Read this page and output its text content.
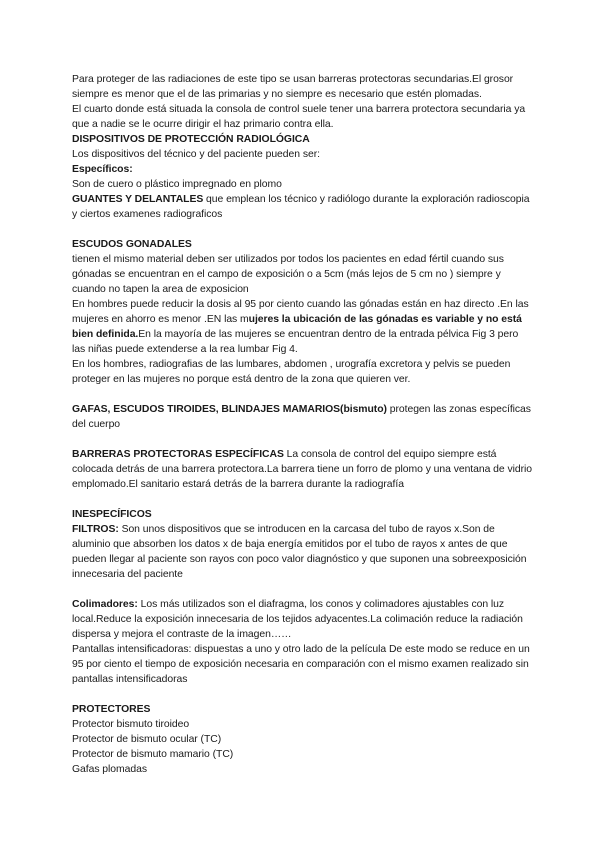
Para proteger de las radiaciones de este tipo se usan barreras protectoras secundarias.El grosor siempre es menor que el de las primarias y no siempre es necesario que estén plomadas.
El cuarto donde está situada la consola de control suele tener una barrera protectora secundaria ya que a nadie se le ocurre dirigir el haz primario contra ella.
DISPOSITIVOS DE PROTECCIÓN RADIOLÓGICA
Los dispositivos del técnico y del paciente pueden ser:
Específicos:
Son de cuero o plástico impregnado en plomo
GUANTES Y DELANTALES que emplean los técnico y radiólogo durante la exploración radioscopia y ciertos examenes radiograficos
ESCUDOS GONADALES
tienen el mismo material deben ser utilizados por todos los pacientes en edad fértil cuando sus gónadas se encuentran en el campo de exposición o a 5cm (más lejos de 5 cm no ) siempre y cuando no tapen la area de exposicion
En hombres puede reducir la dosis al 95 por ciento cuando las gónadas están en haz directo .En las mujeres en ahorro es menor .EN las mujeres la ubicación de las gónadas es variable y no está bien definida.En la mayoría de las mujeres se encuentran dentro de la entrada pélvica Fig 3 pero las niñas puede extenderse a la rea lumbar Fig 4.
En los hombres, radiografias de las lumbares, abdomen , urografía excretora y pelvis se pueden proteger en las mujeres no porque está dentro de la zona que quieren ver.
GAFAS, ESCUDOS TIROIDES, BLINDAJES MAMARIOS(bismuto) protegen las zonas específicas del cuerpo
BARRERAS PROTECTORAS ESPECÍFICAS La consola de control del equipo siempre está colocada detrás de una barrera protectora.La barrera tiene un forro de plomo y una ventana de vidrio emplomado.El sanitario estará detrás de la barrera durante la radiografía
INESPECÍFICOS
FILTROS: Son unos dispositivos que se introducen en la carcasa del tubo de rayos x.Son de aluminio que absorben los datos x de baja energía emitidos por el tubo de rayos x antes de que pueden llegar al paciente son rayos con poco valor diagnóstico y que suponen una sobreexposición innecesaria del paciente
Colimadores: Los más utilizados son el diafragma, los conos y colimadores ajustables con luz local.Reduce la exposición innecesaria de los tejidos adyacentes.La colimación reduce la radiación dispersa y mejora el contraste de la imagen……
Pantallas intensificadoras: dispuestas a uno y otro lado de la película De este modo se reduce en un 95 por ciento el tiempo de exposición necesaria en comparación con el mismo examen realizado sin pantallas intensificadoras
PROTECTORES
Protector bismuto tiroideo
Protector de bismuto ocular (TC)
Protector de bismuto mamario (TC)
Gafas plomadas
